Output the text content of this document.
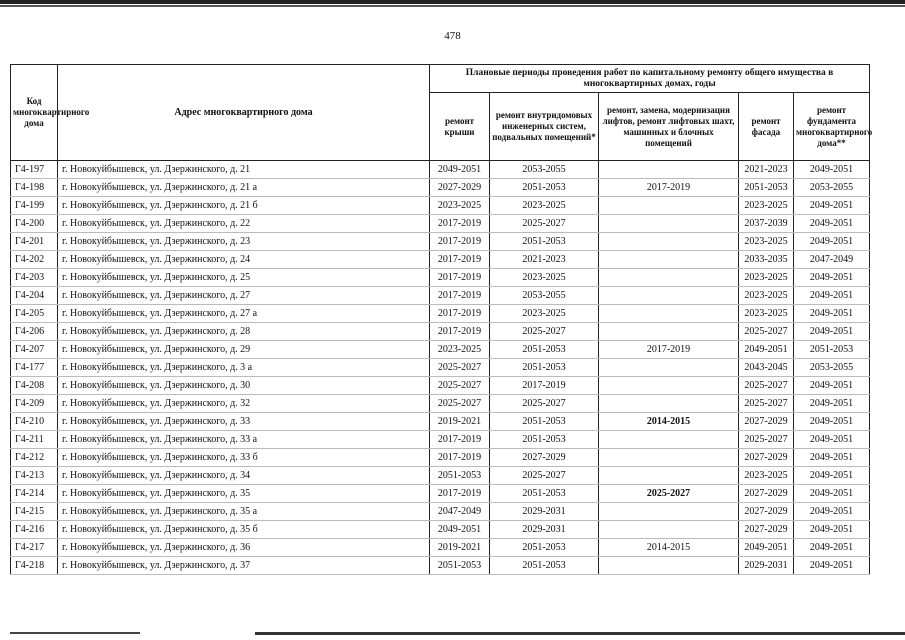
478
Код многоквартирного дома	Адрес многоквартирного дома	Плановые периоды проведения работ по капитальному ремонту общего имущества в многоквартирных домах, годы				
		ремонт крыши	ремонт внутридомовых инженерных систем, подвальных помещений*	ремонт, замена, модернизация лифтов, ремонт лифтовых шахт, машинных и блочных помещений	ремонт фасада	ремонт фундамента многоквартирного дома**
Г4-197	г. Новокуйбышевск, ул. Дзержинского, д. 21	2049-2051	2053-2055		2021-2023	2049-2051
Г4-198	г. Новокуйбышевск, ул. Дзержинского, д. 21 а	2027-2029	2051-2053	2017-2019	2051-2053	2053-2055
Г4-199	г. Новокуйбышевск, ул. Дзержинского, д. 21 б	2023-2025	2023-2025		2023-2025	2049-2051
Г4-200	г. Новокуйбышевск, ул. Дзержинского, д. 22	2017-2019	2025-2027		2037-2039	2049-2051
Г4-201	г. Новокуйбышевск, ул. Дзержинского, д. 23	2017-2019	2051-2053		2023-2025	2049-2051
Г4-202	г. Новокуйбышевск, ул. Дзержинского, д. 24	2017-2019	2021-2023		2033-2035	2047-2049
Г4-203	г. Новокуйбышевск, ул. Дзержинского, д. 25	2017-2019	2023-2025		2023-2025	2049-2051
Г4-204	г. Новокуйбышевск, ул. Дзержинского, д. 27	2017-2019	2053-2055		2023-2025	2049-2051
Г4-205	г. Новокуйбышевск, ул. Дзержинского, д. 27 а	2017-2019	2023-2025		2023-2025	2049-2051
Г4-206	г. Новокуйбышевск, ул. Дзержинского, д. 28	2017-2019	2025-2027		2025-2027	2049-2051
Г4-207	г. Новокуйбышевск, ул. Дзержинского, д. 29	2023-2025	2051-2053	2017-2019	2049-2051	2051-2053
Г4-177	г. Новокуйбышевск, ул. Дзержинского, д. 3 а	2025-2027	2051-2053		2043-2045	2053-2055
Г4-208	г. Новокуйбышевск, ул. Дзержинского, д. 30	2025-2027	2017-2019		2025-2027	2049-2051
Г4-209	г. Новокуйбышевск, ул. Дзержинского, д. 32	2025-2027	2025-2027		2025-2027	2049-2051
Г4-210	г. Новокуйбышевск, ул. Дзержинского, д. 33	2019-2021	2051-2053	2014-2015	2027-2029	2049-2051
Г4-211	г. Новокуйбышевск, ул. Дзержинского, д. 33 а	2017-2019	2051-2053		2025-2027	2049-2051
Г4-212	г. Новокуйбышевск, ул. Дзержинского, д. 33 б	2017-2019	2027-2029		2027-2029	2049-2051
Г4-213	г. Новокуйбышевск, ул. Дзержинского, д. 34	2051-2053	2025-2027		2023-2025	2049-2051
Г4-214	г. Новокуйбышевск, ул. Дзержинского, д. 35	2017-2019	2051-2053	2025-2027	2027-2029	2049-2051
Г4-215	г. Новокуйбышевск, ул. Дзержинского, д. 35 а	2047-2049	2029-2031		2027-2029	2049-2051
Г4-216	г. Новокуйбышевск, ул. Дзержинского, д. 35 б	2049-2051	2029-2031		2027-2029	2049-2051
Г4-217	г. Новокуйбышевск, ул. Дзержинского, д. 36	2019-2021	2051-2053	2014-2015	2049-2051	2049-2051
Г4-218	г. Новокуйбышевск, ул. Дзержинского, д. 37	2051-2053	2051-2053		2029-2031	2049-2051
